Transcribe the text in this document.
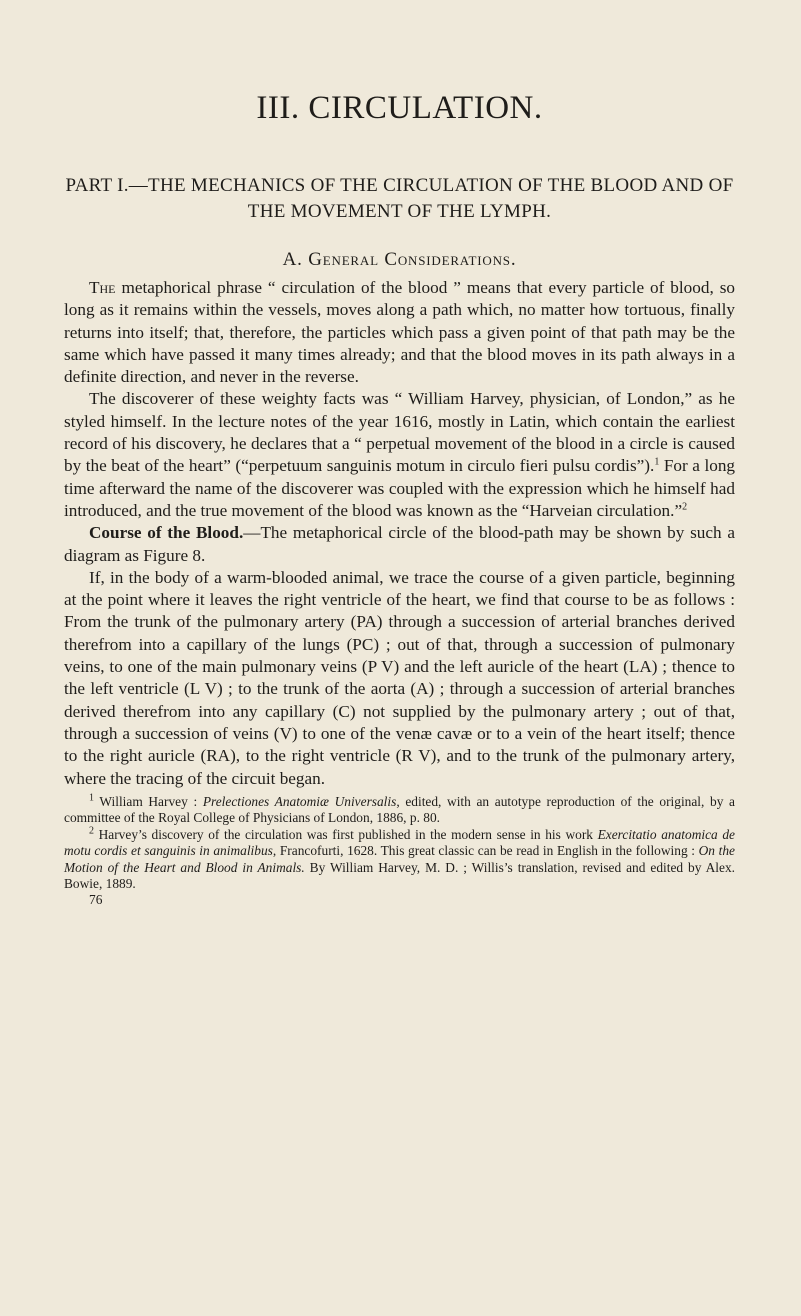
III. CIRCULATION.
PART I.—THE MECHANICS OF THE CIRCULATION OF THE BLOOD AND OF THE MOVEMENT OF THE LYMPH.
A. General Considerations.

The metaphorical phrase “ circulation of the blood ” means that every particle of blood, so long as it remains within the vessels, moves along a path which, no matter how tortuous, finally returns into itself; that, therefore, the particles which pass a given point of that path may be the same which have passed it many times already; and that the blood moves in its path always in a definite direction, and never in the reverse.

The discoverer of these weighty facts was “ William Harvey, physician, of London,” as he styled himself. In the lecture notes of the year 1616, mostly in Latin, which contain the earliest record of his discovery, he declares that a “ perpetual movement of the blood in a circle is caused by the beat of the heart” (“perpetuum sanguinis motum in circulo fieri pulsu cordis”).$^1$ For a long time afterward the name of the discoverer was coupled with the expression which he himself had introduced, and the true movement of the blood was known as the “Harveian circulation.”$^2$

Course of the Blood.—The metaphorical circle of the blood-path may be shown by such a diagram as Figure 8.

If, in the body of a warm-blooded animal, we trace the course of a given particle, beginning at the point where it leaves the right ventricle of the heart, we find that course to be as follows : From the trunk of the pulmonary artery (PA) through a succession of arterial branches derived therefrom into a capillary of the lungs (PC) ; out of that, through a succession of pulmonary veins, to one of the main pulmonary veins (P V) and the left auricle of the heart (LA) ; thence to the left ventricle (L V) ; to the trunk of the aorta (A) ; through a succession of arterial branches derived therefrom into any capillary (C) not supplied by the pulmonary artery ; out of that, through a succession of veins (V) to one of the venæ cavæ or to a vein of the heart itself; thence to the right auricle (RA), to the right ventricle (R V), and to the trunk of the pulmonary artery, where the tracing of the circuit began.

$^1$ William Harvey : Prelectiones Anatomiæ Universalis, edited, with an autotype reproduction of the original, by a committee of the Royal College of Physicians of London, 1886, p. 80.

$^2$ Harvey’s discovery of the circulation was first published in the modern sense in his work Exercitatio anatomica de motu cordis et sanguinis in animalibus, Francofurti, 1628. This great classic can be read in English in the following : On the Motion of the Heart and Blood in Animals. By William Harvey, M. D. ; Willis’s translation, revised and edited by Alex. Bowie, 1889.

76
